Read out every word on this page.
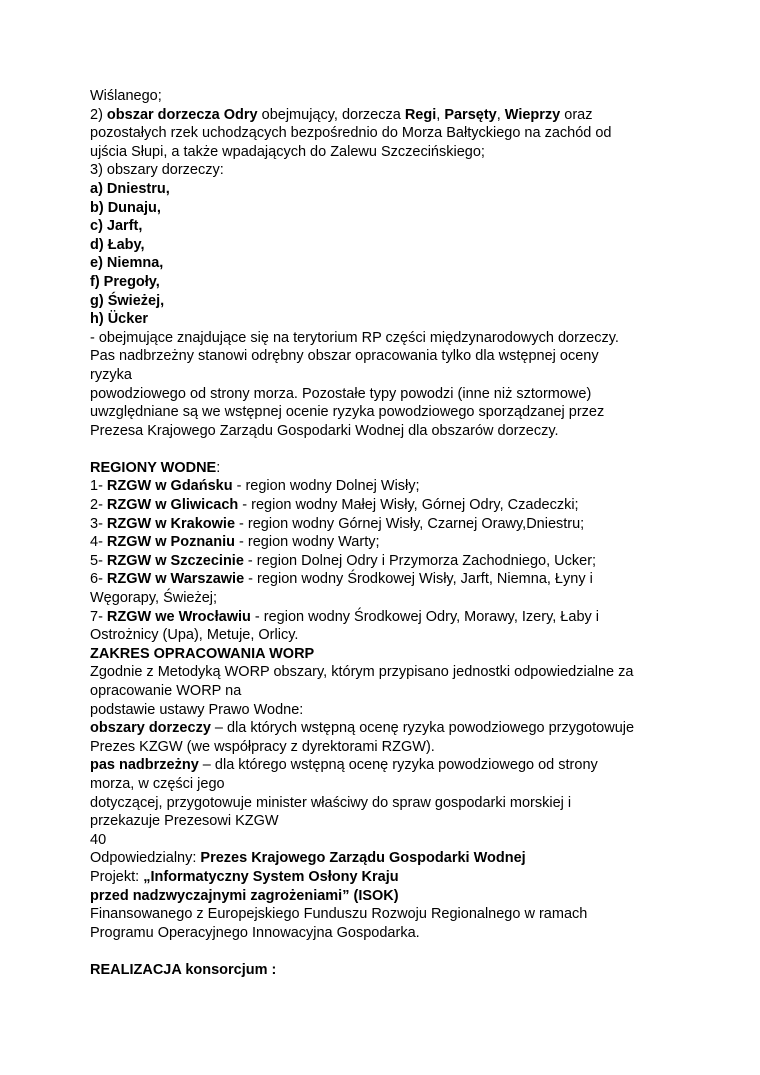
Wiślanego;
2) obszar dorzecza Odry obejmujący, dorzecza Regi, Parsęty, Wieprzy oraz
pozostałych rzek uchodzących bezpośrednio do Morza Bałtyckiego na zachód od
ujścia Słupi, a także wpadających do Zalewu Szczecińskiego;
3) obszary dorzeczy:
a) Dniestru,
b) Dunaju,
c) Jarft,
d) Łaby,
e) Niemna,
f) Pregoły,
g) Świeżej,
h) Ücker
- obejmujące znajdujące się na terytorium RP części międzynarodowych dorzeczy.
Pas nadbrzeżny stanowi odrębny obszar opracowania tylko dla wstępnej oceny
ryzyka
powodziowego od strony morza. Pozostałe typy powodzi (inne niż sztormowe)
uwzględniane są we wstępnej ocenie ryzyka powodziowego sporządzanej przez
Prezesa Krajowego Zarządu Gospodarki Wodnej dla obszarów dorzeczy.

REGIONY WODNE:
1- RZGW w Gdańsku - region wodny Dolnej Wisły;
2- RZGW w Gliwicach - region wodny Małej Wisły, Górnej Odry, Czadeczki;
3- RZGW w Krakowie - region wodny Górnej Wisły, Czarnej Orawy,Dniestru;
4- RZGW w Poznaniu - region wodny Warty;
5- RZGW w Szczecinie - region Dolnej Odry i Przymorza Zachodniego, Ucker;
6- RZGW w Warszawie - region wodny Środkowej Wisły, Jarft, Niemna, Łyny i
Węgorapy, Świeżej;
7- RZGW we Wrocławiu - region wodny Środkowej Odry, Morawy, Izery, Łaby i
Ostrożnicy (Upa), Metuje, Orlicy.
ZAKRES OPRACOWANIA WORP
Zgodnie z Metodyką WORP obszary, którym przypisano jednostki odpowiedzialne za
opracowanie WORP na
podstawie ustawy Prawo Wodne:
obszary dorzeczy – dla których wstępną ocenę ryzyka powodziowego przygotowuje
Prezes KZGW (we współpracy z dyrektorami RZGW).
pas nadbrzeżny – dla którego wstępną ocenę ryzyka powodziowego od strony
morza, w części jego
dotyczącej, przygotowuje minister właściwy do spraw gospodarki morskiej i
przekazuje Prezesowi KZGW
40
Odpowiedzialny: Prezes Krajowego Zarządu Gospodarki Wodnej
Projekt: „Informatyczny System Osłony Kraju
przed nadzwyczajnymi zagrożeniami” (ISOK)
Finansowanego z Europejskiego Funduszu Rozwoju Regionalnego w ramach
Programu Operacyjnego Innowacyjna Gospodarka.

REALIZACJA konsorcjum :
